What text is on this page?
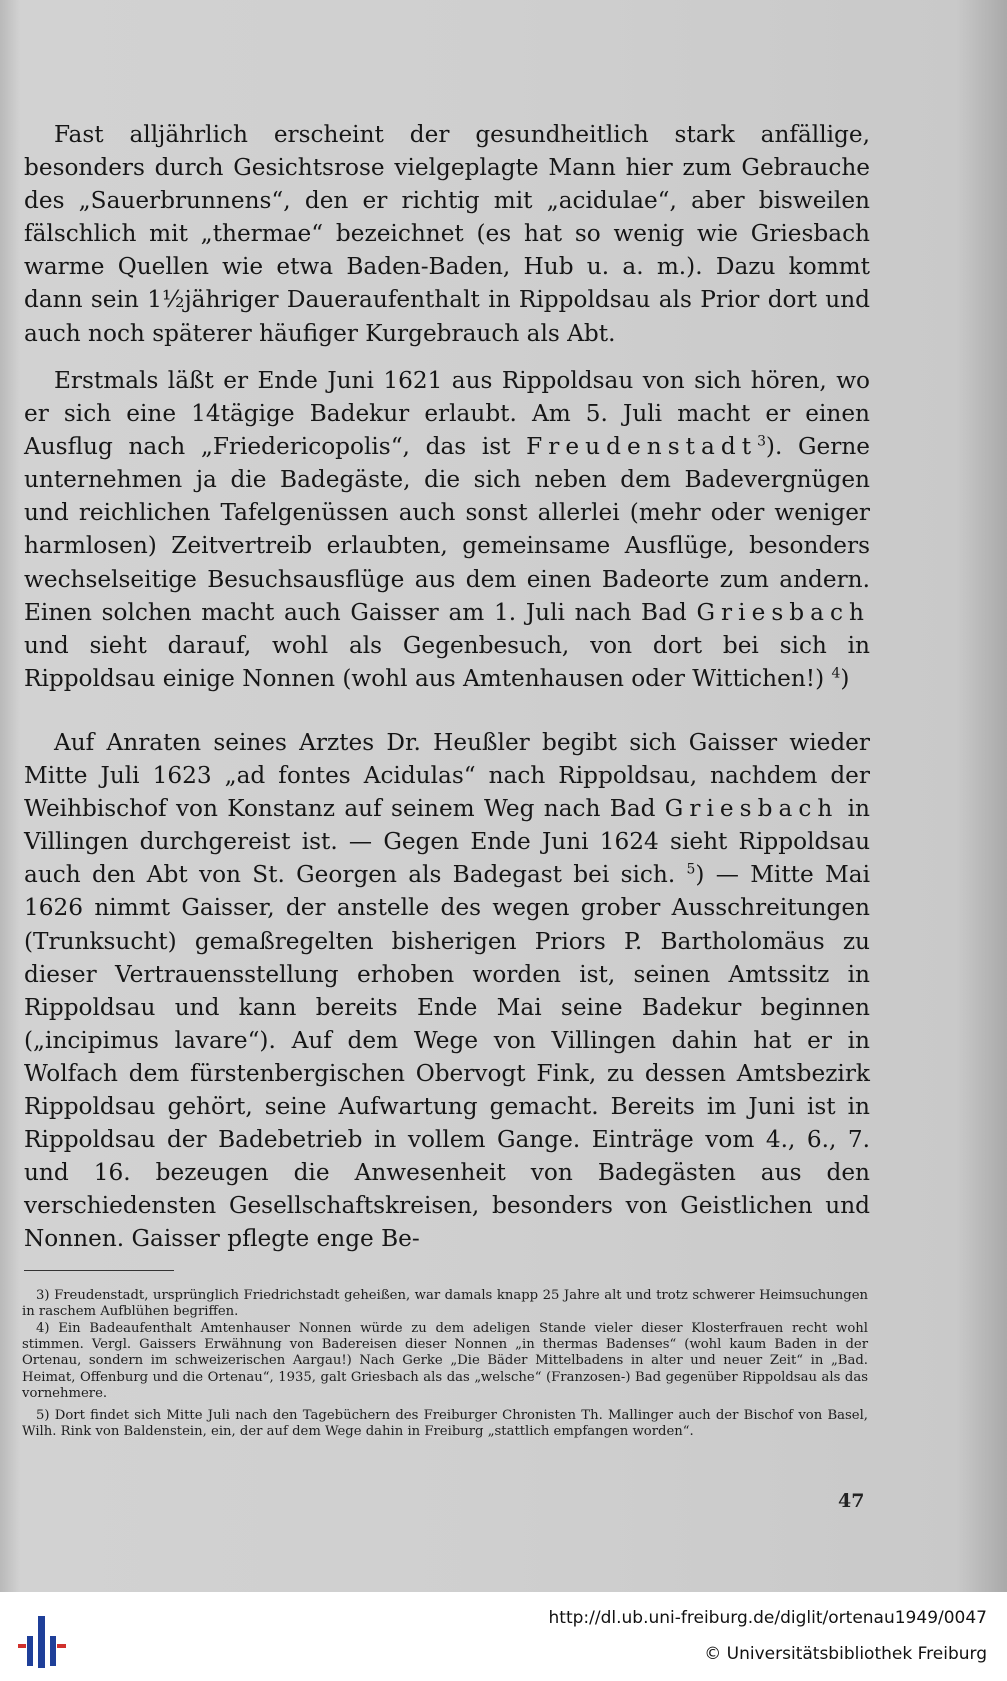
Fast alljährlich erscheint der gesundheitlich stark anfällige, besonders durch Gesichtsrose vielgeplagte Mann hier zum Gebrauche des „Sauerbrunnens“, den er richtig mit „acidulae“, aber bisweilen fälschlich mit „thermae“ bezeichnet (es hat so wenig wie Griesbach warme Quellen wie etwa Baden-Baden, Hub u. a. m.). Dazu kommt dann sein 1½jähriger Daueraufenthalt in Rippoldsau als Prior dort und auch noch späterer häufiger Kurgebrauch als Abt.
Erstmals läßt er Ende Juni 1621 aus Rippoldsau von sich hören, wo er sich eine 14tägige Badekur erlaubt. Am 5. Juli macht er einen Ausflug nach „Friedericopolis“, das ist Freudenstadt$^3$). Gerne unternehmen ja die Badegäste, die sich neben dem Badevergnügen und reichlichen Tafelgenüssen auch sonst allerlei (mehr oder weniger harmlosen) Zeitvertreib erlaubten, gemeinsame Ausflüge, besonders wechselseitige Besuchsausflüge aus dem einen Badeorte zum andern. Einen solchen macht auch Gaisser am 1. Juli nach Bad Griesbach und sieht darauf, wohl als Gegenbesuch, von dort bei sich in Rippoldsau einige Nonnen (wohl aus Amtenhausen oder Wittichen!) $^4$)
Auf Anraten seines Arztes Dr. Heußler begibt sich Gaisser wieder Mitte Juli 1623 „ad fontes Acidulas“ nach Rippoldsau, nachdem der Weihbischof von Konstanz auf seinem Weg nach Bad Griesbach in Villingen durchgereist ist. — Gegen Ende Juni 1624 sieht Rippoldsau auch den Abt von St. Georgen als Badegast bei sich. $^5$) — Mitte Mai 1626 nimmt Gaisser, der anstelle des wegen grober Ausschreitungen (Trunksucht) gemaßregelten bisherigen Priors P. Bartholomäus zu dieser Vertrauensstellung erhoben worden ist, seinen Amtssitz in Rippoldsau und kann bereits Ende Mai seine Badekur beginnen („incipimus lavare“). Auf dem Wege von Villingen dahin hat er in Wolfach dem fürstenbergischen Obervogt Fink, zu dessen Amtsbezirk Rippoldsau gehört, seine Aufwartung gemacht. Bereits im Juni ist in Rippoldsau der Badebetrieb in vollem Gange. Einträge vom 4., 6., 7. und 16. bezeugen die Anwesenheit von Badegästen aus den verschiedensten Gesellschaftskreisen, besonders von Geistlichen und Nonnen. Gaisser pflegte enge Be-
3) Freudenstadt, ursprünglich Friedrichstadt geheißen, war damals knapp 25 Jahre alt und trotz schwerer Heimsuchungen in raschem Aufblühen begriffen.
4) Ein Badeaufenthalt Amtenhauser Nonnen würde zu dem adeligen Stande vieler dieser Klosterfrauen recht wohl stimmen. Vergl. Gaissers Erwähnung von Badereisen dieser Nonnen „in thermas Badenses“ (wohl kaum Baden in der Ortenau, sondern im schweizerischen Aargau!) Nach Gerke „Die Bäder Mittelbadens in alter und neuer Zeit“ in „Bad. Heimat, Offenburg und die Ortenau“, 1935, galt Griesbach als das „welsche“ (Franzosen-) Bad gegenüber Rippoldsau als das vornehmere.
5) Dort findet sich Mitte Juli nach den Tagebüchern des Freiburger Chronisten Th. Mallinger auch der Bischof von Basel, Wilh. Rink von Baldenstein, ein, der auf dem Wege dahin in Freiburg „stattlich empfangen worden“.
47
http://dl.ub.uni-freiburg.de/diglit/ortenau1949/0047
© Universitätsbibliothek Freiburg
